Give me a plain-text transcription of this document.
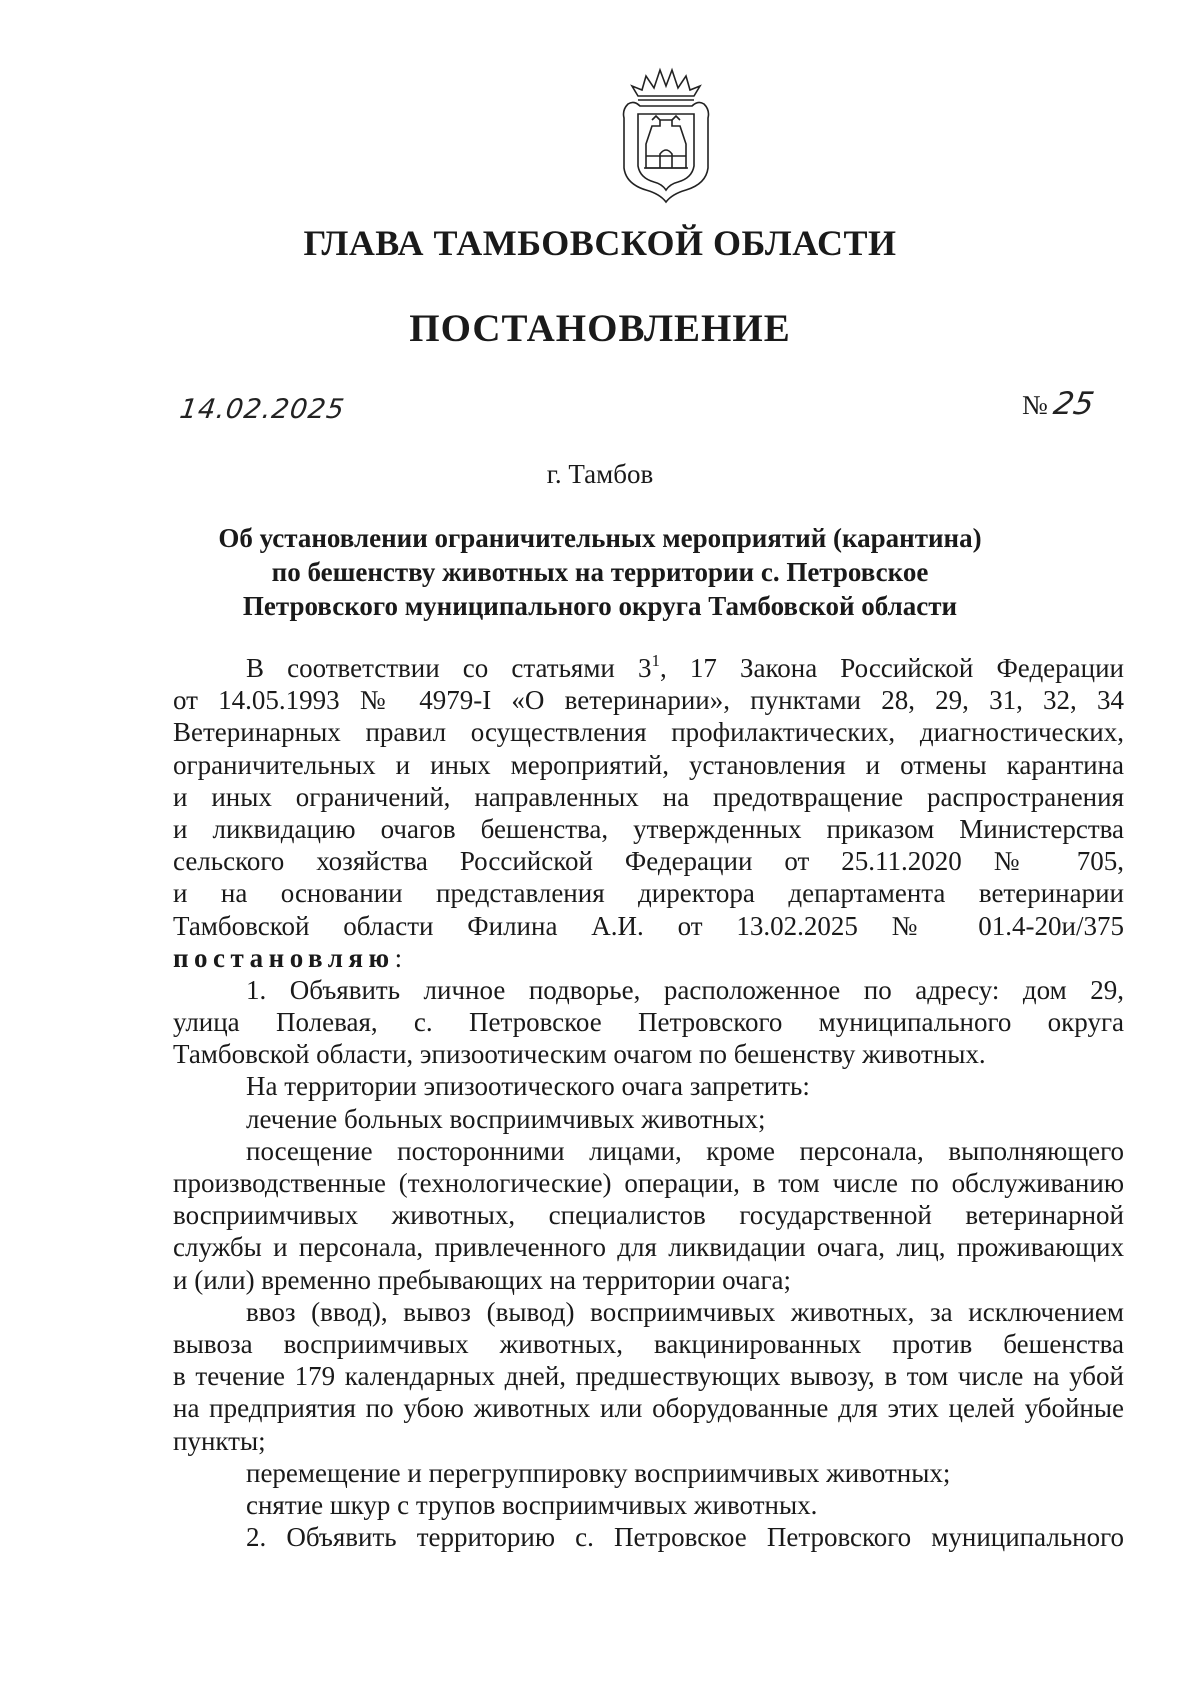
ГЛАВА ТАМБОВСКОЙ ОБЛАСТИ
ПОСТАНОВЛЕНИЕ
14.02.2025	№25
г. Тамбов
Об установлении ограничительных мероприятий (карантина)
по бешенству животных на территории с. Петровское
Петровского муниципального округа Тамбовской области
В соответствии со статьями $3^1$, 17 Закона Российской Федерации
от 14.05.1993 № 4979-I «О ветеринарии», пунктами 28, 29, 31, 32, 34
Ветеринарных правил осуществления профилактических, диагностических,
ограничительных и иных мероприятий, установления и отмены карантина
и иных ограничений, направленных на предотвращение распространения
и ликвидацию очагов бешенства, утвержденных приказом Министерства
сельского хозяйства Российской Федерации от 25.11.2020 № 705,
и на основании представления директора департамента ветеринарии
Тамбовской области Филина А.И. от 13.02.2025 № 01.4-20и/375
постановляю:
1. Объявить личное подворье, расположенное по адресу: дом 29,
улица Полевая, с. Петровское Петровского муниципального округа
Тамбовской области, эпизоотическим очагом по бешенству животных.
На территории эпизоотического очага запретить:
лечение больных восприимчивых животных;
посещение посторонними лицами, кроме персонала, выполняющего
производственные (технологические) операции, в том числе по обслуживанию
восприимчивых животных, специалистов государственной ветеринарной
службы и персонала, привлеченного для ликвидации очага, лиц, проживающих
и (или) временно пребывающих на территории очага;
ввоз (ввод), вывоз (вывод) восприимчивых животных, за исключением
вывоза восприимчивых животных, вакцинированных против бешенства
в течение 179 календарных дней, предшествующих вывозу, в том числе на убой
на предприятия по убою животных или оборудованные для этих целей убойные
пункты;
перемещение и перегруппировку восприимчивых животных;
снятие шкур с трупов восприимчивых животных.
2. Объявить территорию с. Петровское Петровского муниципального
